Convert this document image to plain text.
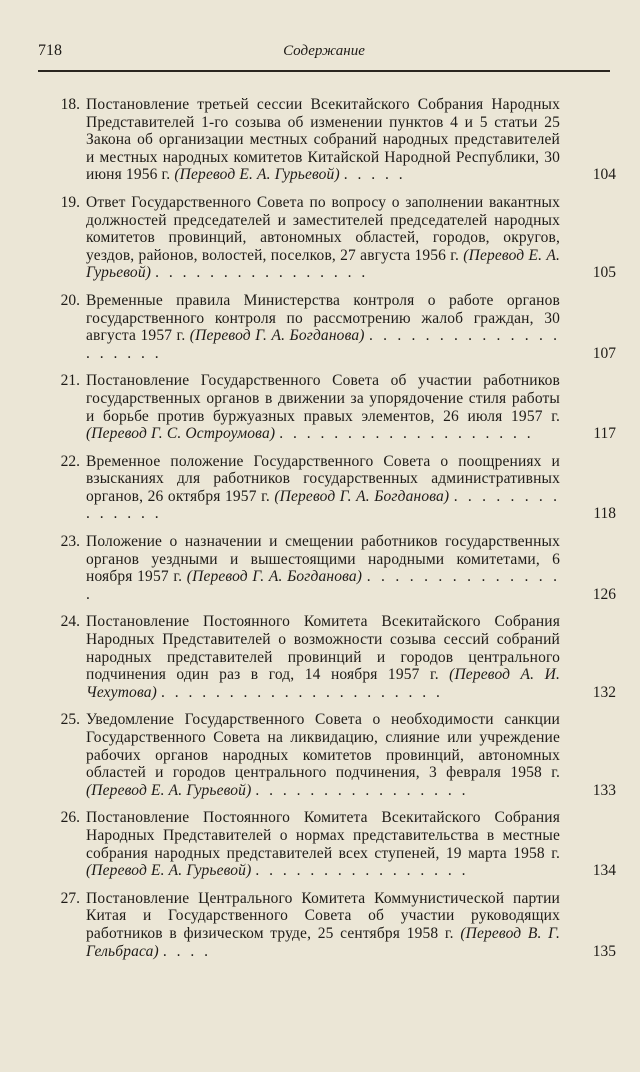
718	Содержание
18. Постановление третьей сессии Всекитайского Собрания Народных Представителей 1-го созыва об изменении пунктов 4 и 5 статьи 25 Закона об организации местных собраний народных представителей и местных народных комитетов Китайской Народной Республики, 30 июня 1956 г. (Перевод Е. А. Гурьевой) . . . . .	104
19. Ответ Государственного Совета по вопросу о заполнении вакантных должностей председателей и заместителей председателей народных комитетов провинций, автономных областей, городов, округов, уездов, районов, волостей, поселков, 27 августа 1956 г. (Перевод Е. А. Гурьевой) . . . . . . . . . . . . . . . .	105
20. Временные правила Министерства контроля о работе органов государственного контроля по рассмотрению жалоб граждан, 30 августа 1957 г. (Перевод Г. А. Богданова) . . . . . . . . . . . . . . . . . . . .	107
21. Постановление Государственного Совета об участии работников государственных органов в движении за упорядочение стиля работы и борьбе против буржуазных правых элементов, 26 июля 1957 г. (Перевод Г. С. Остроумова) . . . . . . . . . . . . . . . . . . .	117
22. Временное положение Государственного Совета о поощрениях и взысканиях для работников государственных административных органов, 26 октября 1957 г. (Перевод Г. А. Богданова) . . . . . . . . . . . . . .	118
23. Положение о назначении и смещении работников государственных органов уездными и вышестоящими народными комитетами, 6 ноября 1957 г. (Перевод Г. А. Богданова) . . . . . . . . . . . . . . .	126
24. Постановление Постоянного Комитета Всекитайского Собрания Народных Представителей о возможности созыва сессий собраний народных представителей провинций и городов центрального подчинения один раз в год, 14 ноября 1957 г. (Перевод А. И. Чехутова) . . . . . . . . . . . . . . . . . . . . .	132
25. Уведомление Государственного Совета о необходимости санкции Государственного Совета на ликвидацию, слияние или учреждение рабочих органов народных комитетов провинций, автономных областей и городов центрального подчинения, 3 февраля 1958 г. (Перевод Е. А. Гурьевой) . . . . . . . . . . . . . . . .	133
26. Постановление Постоянного Комитета Всекитайского Собрания Народных Представителей о нормах представительства в местные собрания народных представителей всех ступеней, 19 марта 1958 г. (Перевод Е. А. Гурьевой) . . . . . . . . . . . . . . . .	134
27. Постановление Центрального Комитета Коммунистической партии Китая и Государственного Совета об участии руководящих работников в физическом труде, 25 сентября 1958 г. (Перевод В. Г. Гельбраса) . . . .	135
